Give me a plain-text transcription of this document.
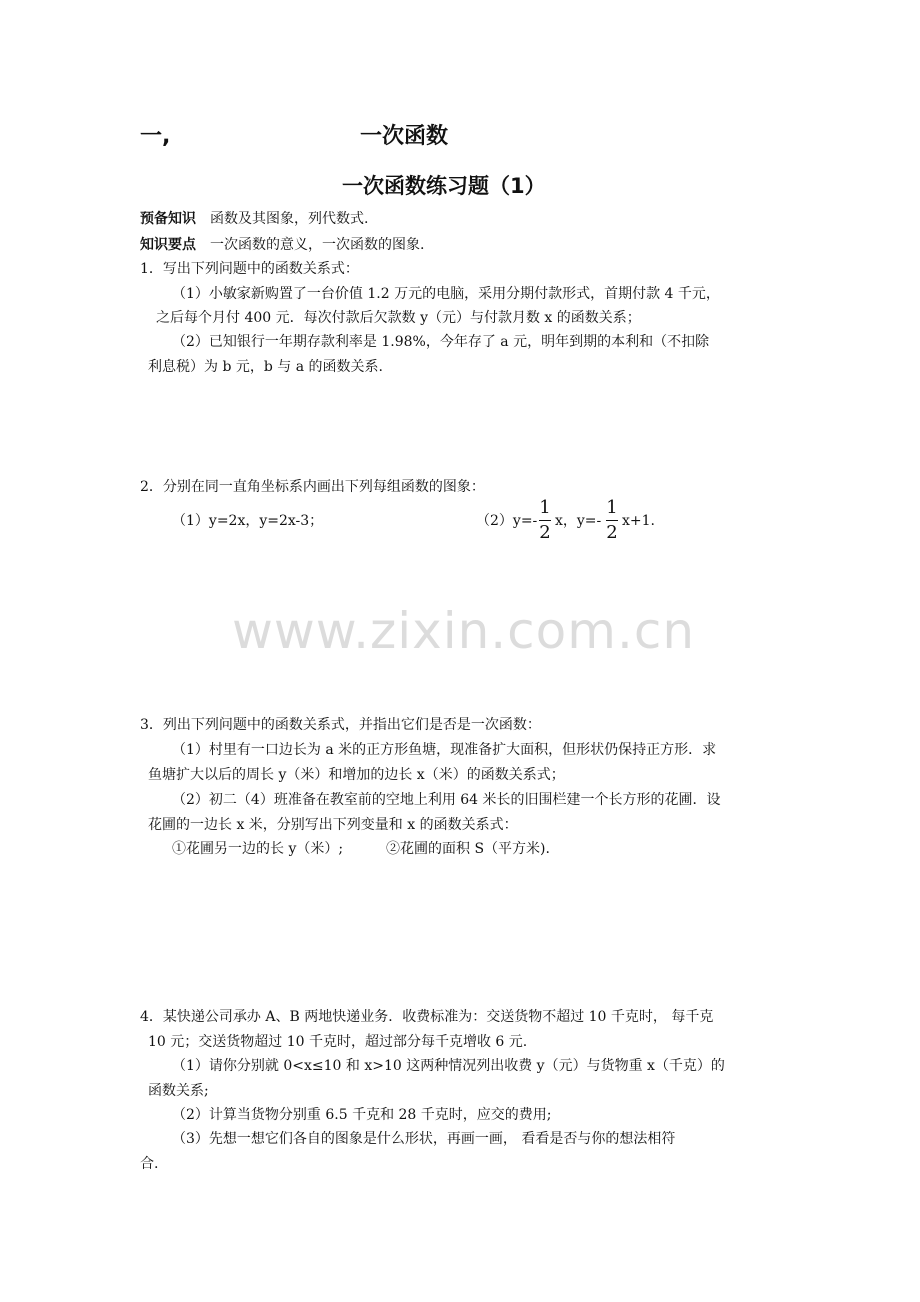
一,	一次函数
一次函数练习题（1）
预备知识 函数及其图象，列代数式.
知识要点 一次函数的意义，一次函数的图象.
1．写出下列问题中的函数关系式：
（1）小敏家新购置了一台价值 1.2 万元的电脑，采用分期付款形式，首期付款 4 千元，
之后每个月付 400 元．每次付款后欠款数 y（元）与付款月数 x 的函数关系；
（2）已知银行一年期存款利率是 1.98%，今年存了 a 元，明年到期的本利和（不扣除
利息税）为 b 元，b 与 a 的函数关系.
2．分别在同一直角坐标系内画出下列每组函数的图象：
（1）y=2x，y=2x-3；	（2）y=-
1
2
x，y=-
1
2
x+1.
www.zixin.com.cn
3．列出下列问题中的函数关系式，并指出它们是否是一次函数：
（1）村里有一口边长为 a 米的正方形鱼塘，现准备扩大面积，但形状仍保持正方形．求
鱼塘扩大以后的周长 y（米）和增加的边长 x（米）的函数关系式；
（2）初二（4）班准备在教室前的空地上利用 64 米长的旧围栏建一个长方形的花圃．设
花圃的一边长 x 米，分别写出下列变量和 x 的函数关系式：
①花圃另一边的长 y（米）;	②花圃的面积 S（平方米).
4．某快递公司承办 A、B 两地快递业务．收费标准为：交送货物不超过 10 千克时， 每千克
10 元；交送货物超过 10 千克时，超过部分每千克增收 6 元.
（1）请你分别就 0<x≤10 和 x>10 这两种情况列出收费 y（元）与货物重 x（千克）的
函数关系;
（2）计算当货物分别重 6.5 千克和 28 千克时，应交的费用;
（3）先想一想它们各自的图象是什么形状，再画一画， 看看是否与你的想法相符
合.
